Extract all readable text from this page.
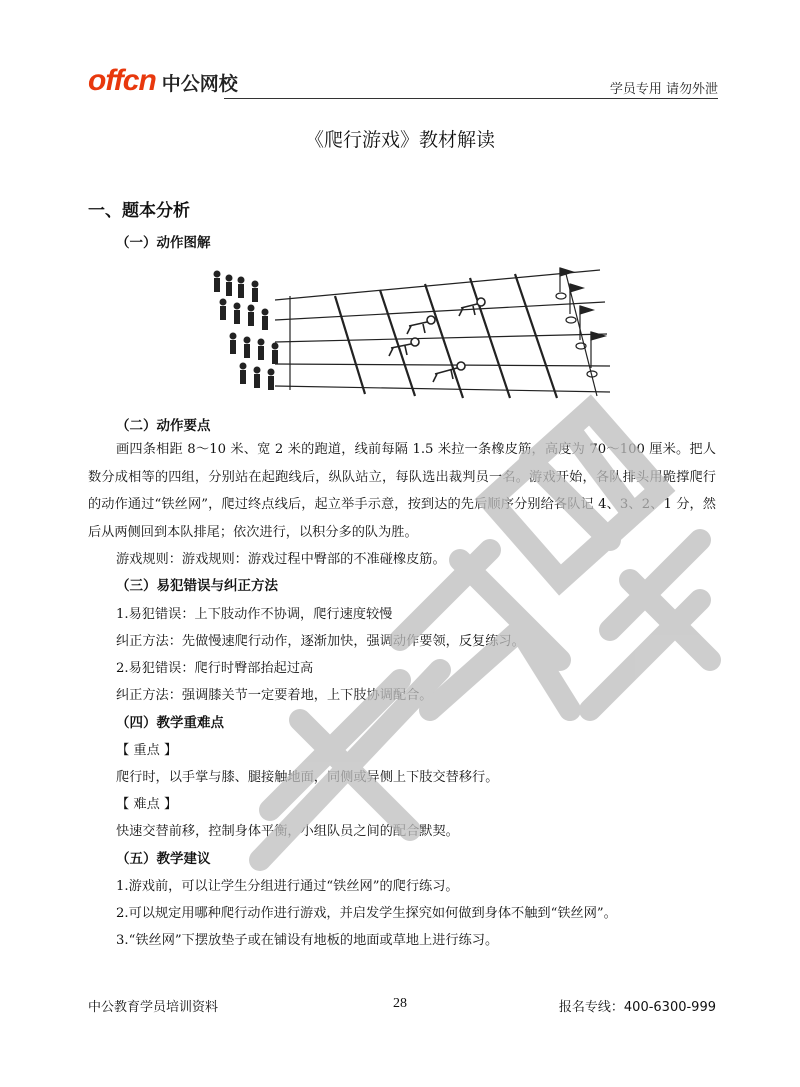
offcn 中公网校	学员专用 请勿外泄
《爬行游戏》教材解读
一、题本分析
（一）动作图解
（二）动作要点
画四条相距 8～10 米、宽 2 米的跑道，线前每隔 1.5 米拉一条橡皮筋，高度为 70～100 厘米。把人数分成相等的四组，分别站在起跑线后，纵队站立，每队选出裁判员一名。游戏开始，各队排头用跪撑爬行的动作通过“铁丝网”，爬过终点线后，起立举手示意，按到达的先后顺序分别给各队记 4、3、2、1 分，然后从两侧回到本队排尾；依次进行，以积分多的队为胜。
游戏规则：游戏规则：游戏过程中臀部的不准碰橡皮筋。
（三）易犯错误与纠正方法
1.易犯错误：上下肢动作不协调，爬行速度较慢
纠正方法：先做慢速爬行动作，逐渐加快，强调动作要领，反复练习。
2.易犯错误：爬行时臀部抬起过高
纠正方法：强调膝关节一定要着地，上下肢协调配合。
（四）教学重难点
【 重点 】
爬行时，以手掌与膝、腿接触地面，同侧或异侧上下肢交替移行。
【 难点 】
快速交替前移，控制身体平衡，小组队员之间的配合默契。
（五）教学建议
1.游戏前，可以让学生分组进行通过“铁丝网”的爬行练习。
2.可以规定用哪种爬行动作进行游戏，并启发学生探究如何做到身体不触到“铁丝网”。
3.“铁丝网”下摆放垫子或在铺设有地板的地面或草地上进行练习。
中公教育学员培训资料	28	报名专线：400-6300-999
